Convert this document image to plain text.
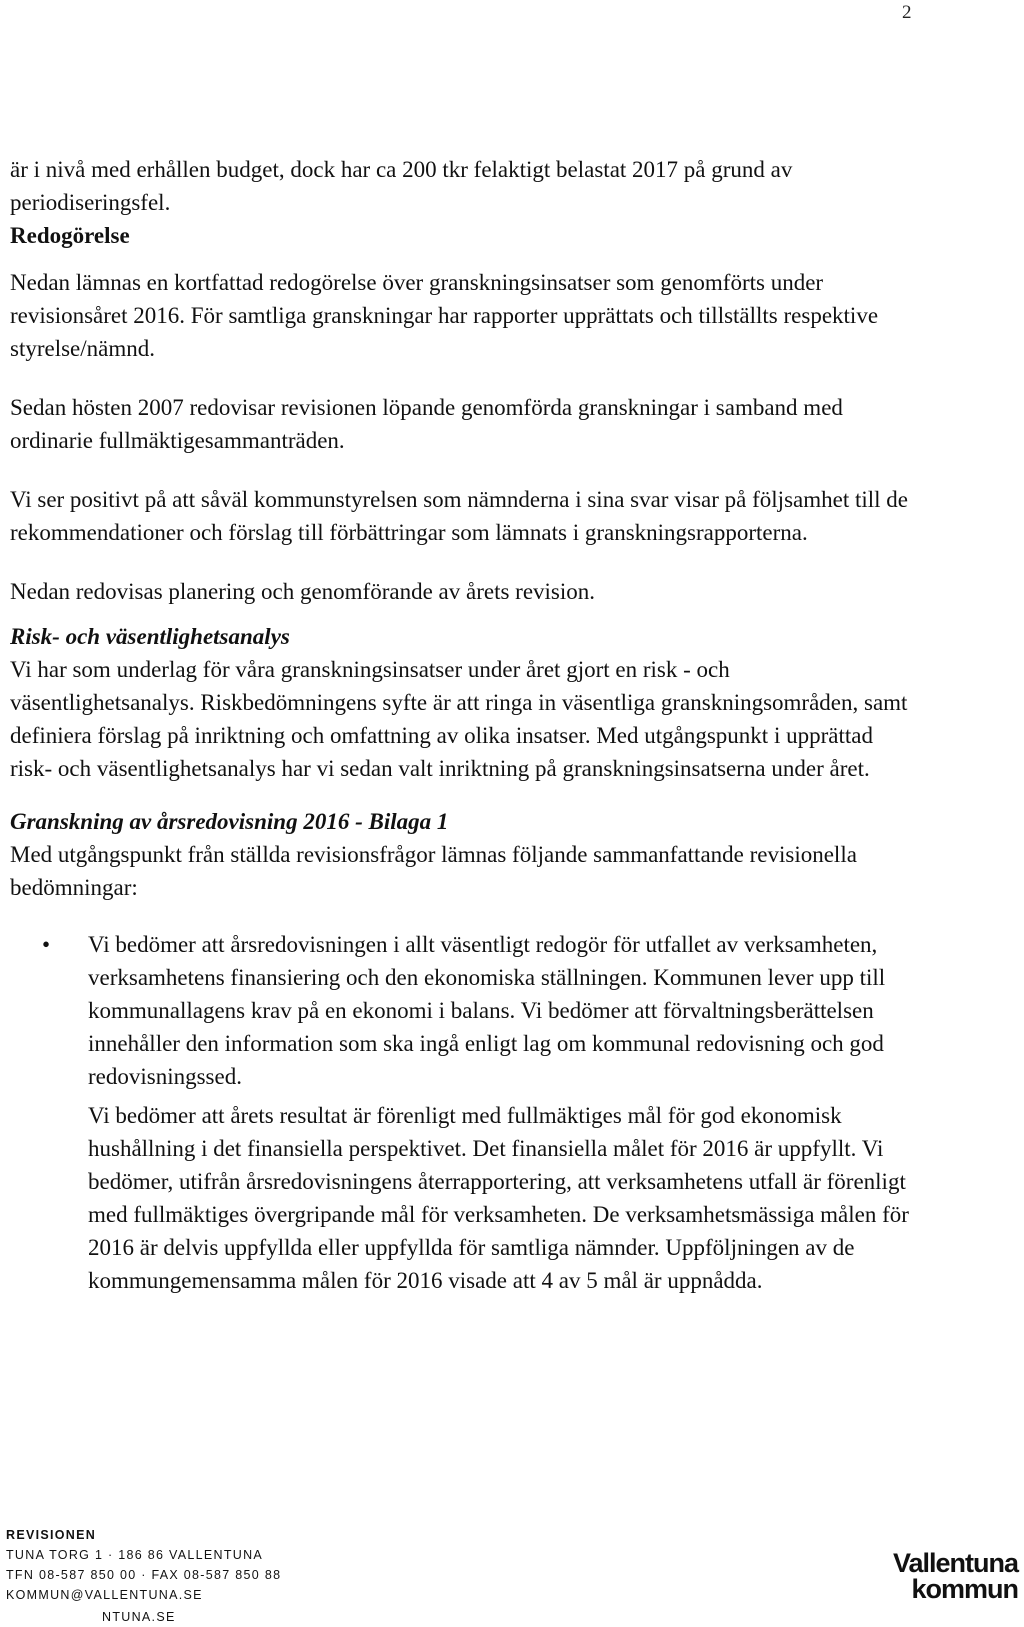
2

är i nivå med erhållen budget, dock har ca 200 tkr felaktigt belastat 2017 på grund av periodiseringsfel.

Redogörelse

Nedan lämnas en kortfattad redogörelse över granskningsinsatser som genomförts under revisionsåret 2016. För samtliga granskningar har rapporter upprättats och tillställts respektive styrelse/nämnd.

Sedan hösten 2007 redovisar revisionen löpande genomförda granskningar i samband med ordinarie fullmäktigesammanträden.

Vi ser positivt på att såväl kommunstyrelsen som nämnderna i sina svar visar på följsamhet till de rekommendationer och förslag till förbättringar som lämnats i granskningsrapporterna.

Nedan redovisas planering och genomförande av årets revision.

Risk- och väsentlighetsanalys

Vi har som underlag för våra granskningsinsatser under året gjort en risk - och väsentlighetsanalys. Riskbedömningens syfte är att ringa in väsentliga granskningsområden, samt definiera förslag på inriktning och omfattning av olika insatser. Med utgångspunkt i upprättad risk- och väsentlighetsanalys har vi sedan valt inriktning på granskningsinsatserna under året.

Granskning av årsredovisning 2016 - Bilaga 1

Med utgångspunkt från ställda revisionsfrågor lämnas följande sammanfattande revisionella bedömningar:

• Vi bedömer att årsredovisningen i allt väsentligt redogör för utfallet av verksamheten, verksamhetens finansiering och den ekonomiska ställningen. Kommunen lever upp till kommunallagens krav på en ekonomi i balans. Vi bedömer att förvaltningsberättelsen innehåller den information som ska ingå enligt lag om kommunal redovisning och god redovisningssed.

Vi bedömer att årets resultat är förenligt med fullmäktiges mål för god ekonomisk hushållning i det finansiella perspektivet. Det finansiella målet för 2016 är uppfyllt. Vi bedömer, utifrån årsredovisningens återrapportering, att verksamhetens utfall är förenligt med fullmäktiges övergripande mål för verksamheten. De verksamhetsmässiga målen för 2016 är delvis uppfyllda eller uppfyllda för samtliga nämnder. Uppföljningen av de kommungemensamma målen för 2016 visade att 4 av 5 mål är uppnådda.

REVISIONEN
TUNA TORG 1 · 186 86 VALLENTUNA
TFN 08-587 850 00 · FAX 08-587 850 88
KOMMUN@VALLENTUNA.SE
NTUNA.SE
Vallentuna
kommun
